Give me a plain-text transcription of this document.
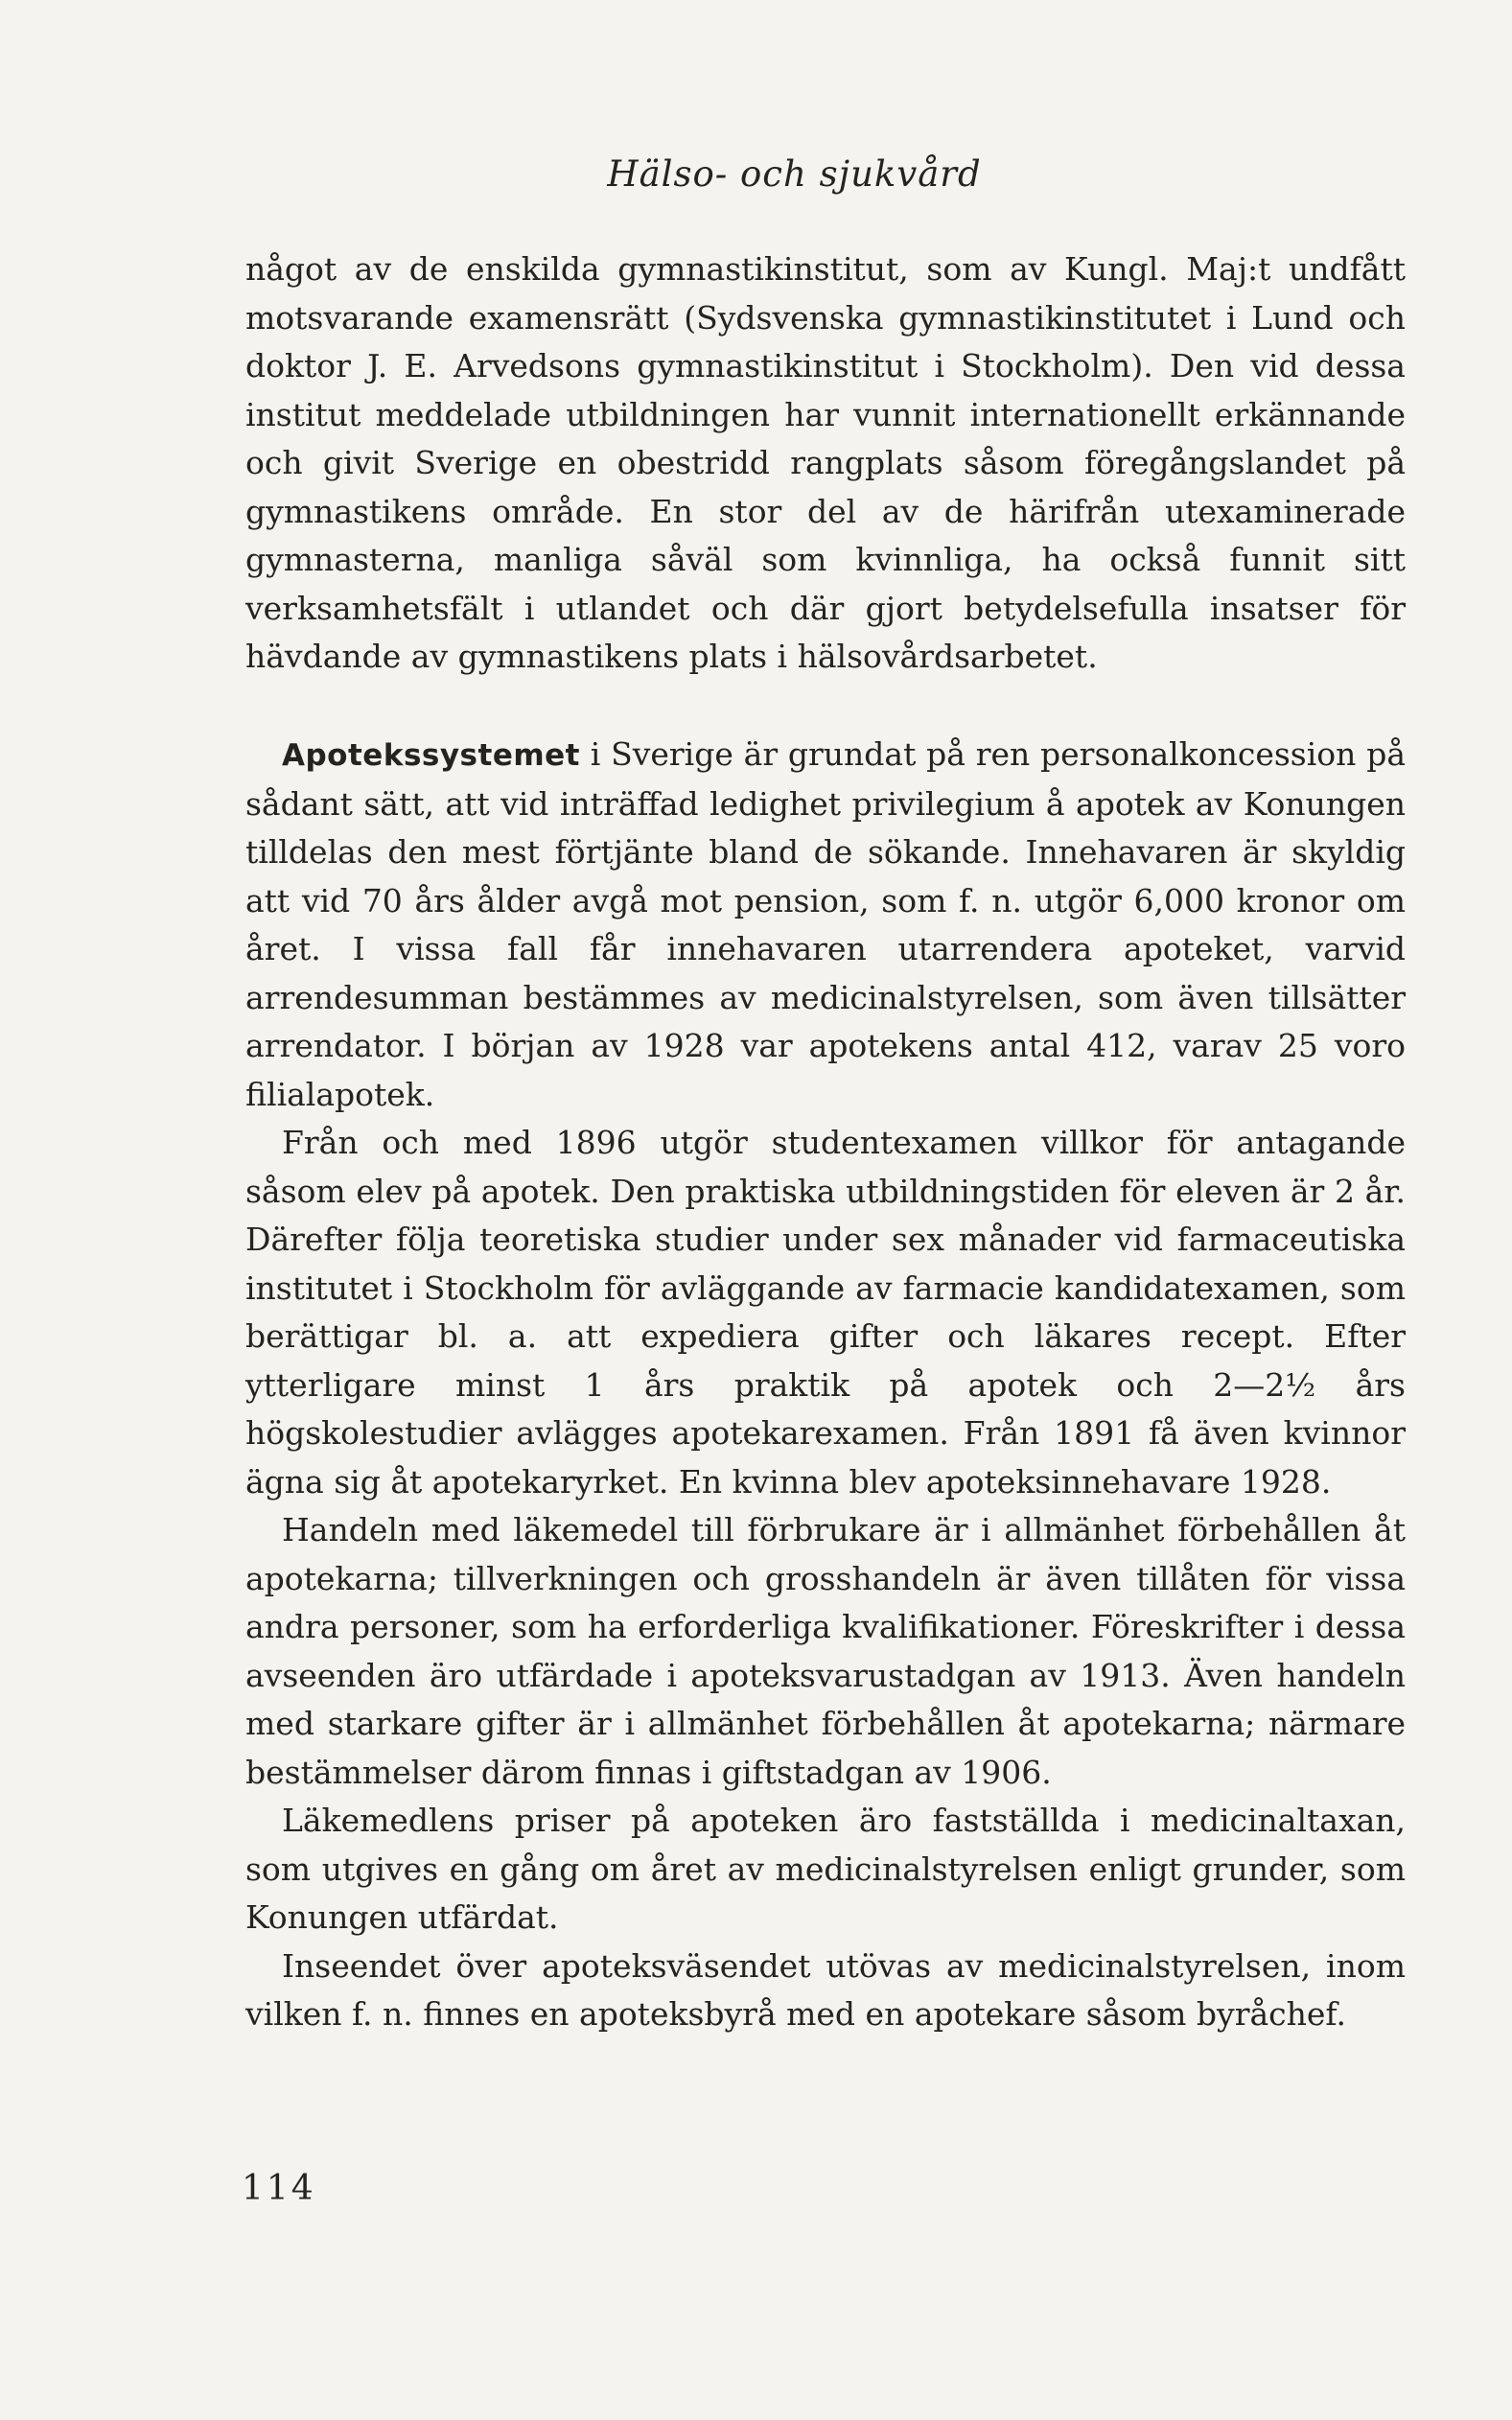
Hälso- och sjukvård

något av de enskilda gymnastikinstitut, som av Kungl. Maj:t undfått motsvarande examensrätt (Sydsvenska gymnastikinstitutet i Lund och doktor J. E. Arvedsons gymnastikinstitut i Stockholm). Den vid dessa institut meddelade utbildningen har vunnit internationellt erkännande och givit Sverige en obestridd rangplats såsom föregångslandet på gymnastikens område. En stor del av de härifrån utexaminerade gymnasterna, manliga såväl som kvinnliga, ha också funnit sitt verksamhetsfält i utlandet och där gjort betydelsefulla insatser för hävdande av gymnastikens plats i hälsovårdsarbetet.

Apotekssystemet i Sverige är grundat på ren personalkoncession på sådant sätt, att vid inträffad ledighet privilegium å apotek av Konungen tilldelas den mest förtjänte bland de sökande. Innehavaren är skyldig att vid 70 års ålder avgå mot pension, som f. n. utgör 6,000 kronor om året. I vissa fall får innehavaren utarrendera apoteket, varvid arrendesumman bestämmes av medicinalstyrelsen, som även tillsätter arrendator. I början av 1928 var apotekens antal 412, varav 25 voro filialapotek.

Från och med 1896 utgör studentexamen villkor för antagande såsom elev på apotek. Den praktiska utbildningstiden för eleven är 2 år. Därefter följa teoretiska studier under sex månader vid farmaceutiska institutet i Stockholm för avläggande av farmacie kandidatexamen, som berättigar bl. a. att expediera gifter och läkares recept. Efter ytterligare minst 1 års praktik på apotek och 2—2½ års högskolestudier avlägges apotekarexamen. Från 1891 få även kvinnor ägna sig åt apotekaryrket. En kvinna blev apoteksinnehavare 1928.

Handeln med läkemedel till förbrukare är i allmänhet förbehållen åt apotekarna; tillverkningen och grosshandeln är även tillåten för vissa andra personer, som ha erforderliga kvalifikationer. Föreskrifter i dessa avseenden äro utfärdade i apoteksvarustadgan av 1913. Även handeln med starkare gifter är i allmänhet förbehållen åt apotekarna; närmare bestämmelser därom finnas i giftstadgan av 1906.

Läkemedlens priser på apoteken äro fastställda i medicinaltaxan, som utgives en gång om året av medicinalstyrelsen enligt grunder, som Konungen utfärdat.

Inseendet över apoteksväsendet utövas av medicinalstyrelsen, inom vilken f. n. finnes en apoteksbyrå med en apotekare såsom byråchef.

114
